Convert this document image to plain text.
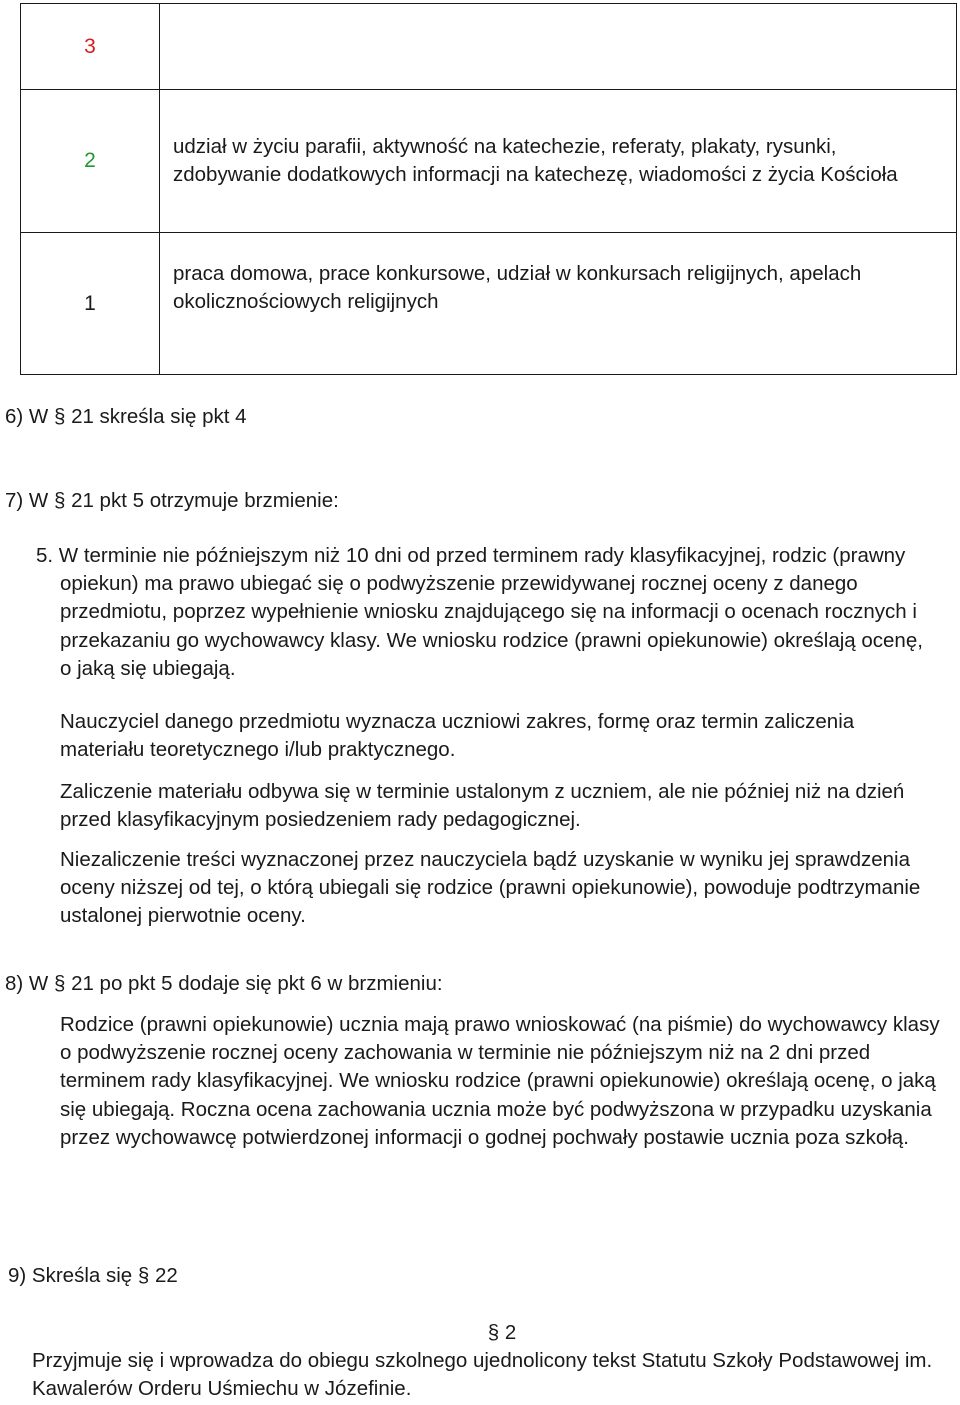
3	
2	udział w życiu parafii, aktywność na katechezie, referaty, plakaty, rysunki, zdobywanie dodatkowych informacji na katechezę, wiadomości z życia Kościoła
1	praca domowa, prace konkursowe, udział w konkursach religijnych, apelach okolicznościowych religijnych
6) W § 21 skreśla się pkt 4
7) W § 21 pkt 5 otrzymuje brzmienie:
5. W terminie nie późniejszym niż 10 dni od przed terminem rady klasyfikacyjnej, rodzic (prawny opiekun) ma prawo ubiegać się o podwyższenie przewidywanej rocznej oceny z danego przedmiotu, poprzez wypełnienie wniosku znajdującego się na informacji o ocenach rocznych i przekazaniu go wychowawcy klasy. We wniosku rodzice (prawni opiekunowie) określają ocenę, o jaką się ubiegają.
Nauczyciel danego przedmiotu wyznacza uczniowi zakres, formę oraz termin zaliczenia materiału teoretycznego i/lub praktycznego.
Zaliczenie materiału odbywa się w terminie ustalonym z uczniem, ale nie później niż na dzień przed klasyfikacyjnym posiedzeniem rady pedagogicznej.
Niezaliczenie treści wyznaczonej przez nauczyciela bądź uzyskanie w wyniku jej sprawdzenia oceny niższej od tej, o którą ubiegali się rodzice (prawni opiekunowie), powoduje podtrzymanie ustalonej pierwotnie oceny.
8) W § 21 po pkt 5 dodaje się pkt 6 w brzmieniu:
Rodzice (prawni opiekunowie) ucznia mają prawo wnioskować (na piśmie) do wychowawcy klasy o podwyższenie rocznej oceny zachowania w terminie nie późniejszym niż na 2 dni przed terminem rady klasyfikacyjnej. We wniosku rodzice (prawni opiekunowie) określają ocenę, o jaką się ubiegają. Roczna ocena zachowania ucznia może być podwyższona w przypadku uzyskania przez wychowawcę potwierdzonej informacji o godnej pochwały postawie ucznia poza szkołą.
9) Skreśla się § 22
§ 2
Przyjmuje się i wprowadza do obiegu szkolnego ujednolicony tekst Statutu Szkoły Podstawowej im. Kawalerów Orderu Uśmiechu w Józefinie.
